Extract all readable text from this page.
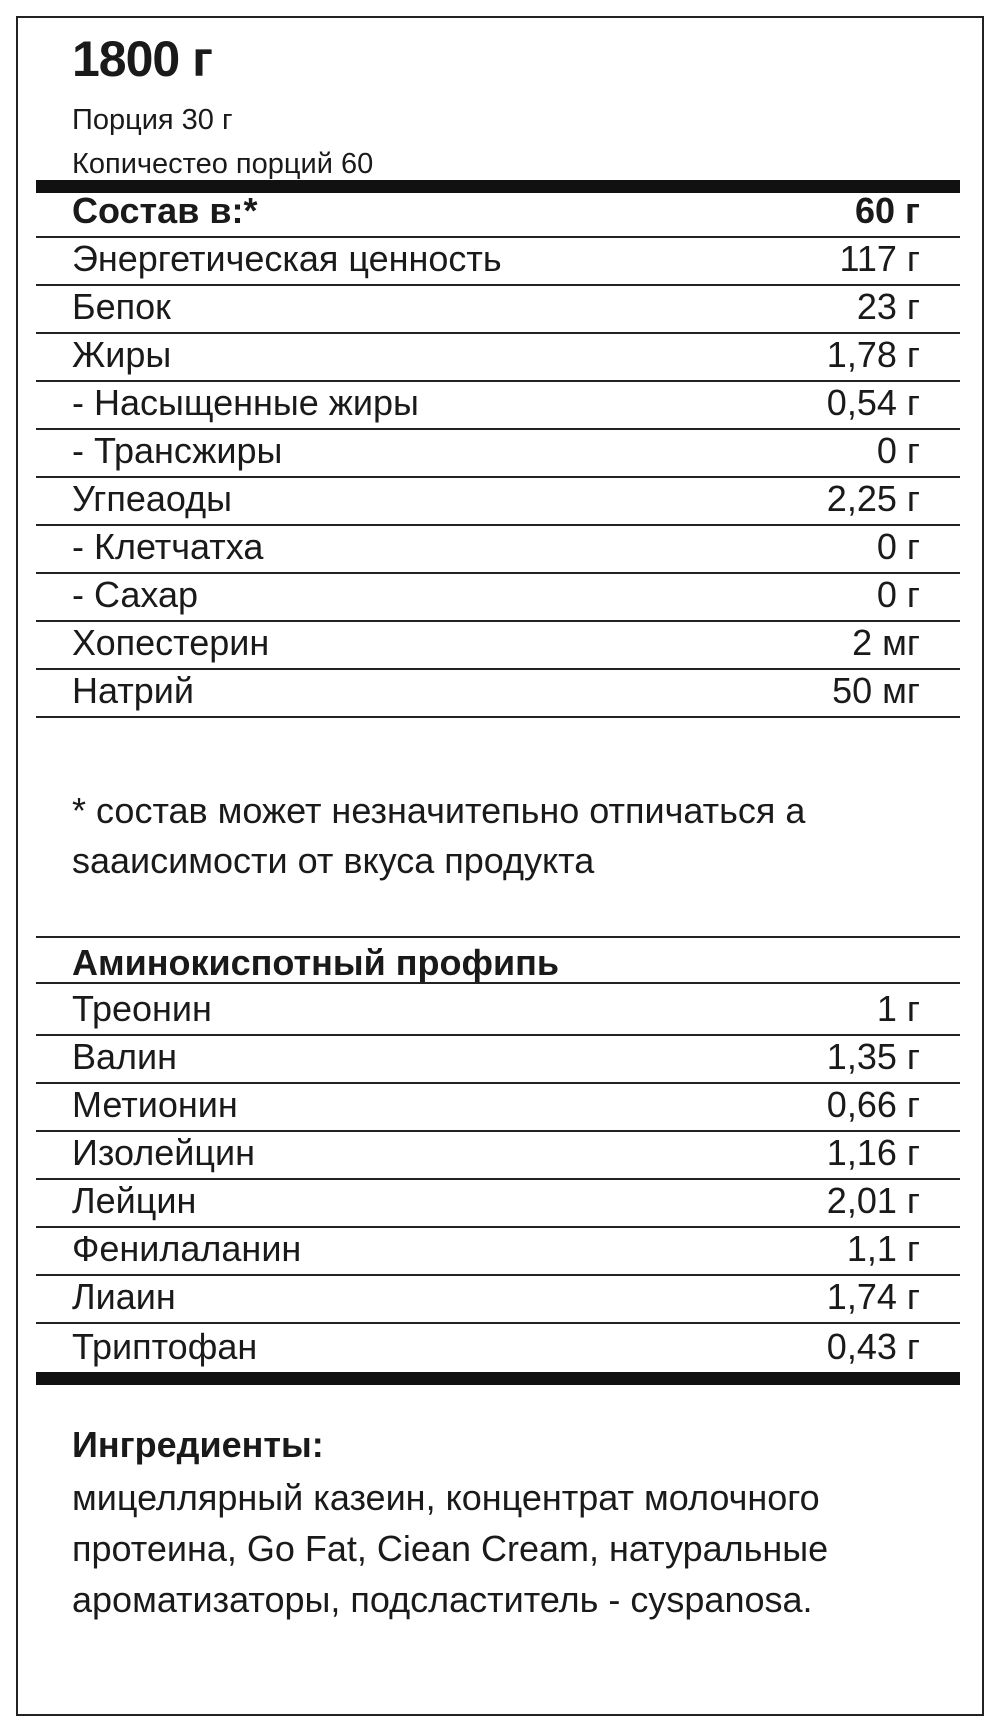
1800 г
Порция 30 г
Копичестео порций 60
Состав в:*	60 г
Энергетическая ценность	117 г
Бепок	23 г
Жиры	1,78 г
- Насыщенные жиры	0,54 г
- Трансжиры	0 г
Угпеаоды	2,25 г
- Клетчатха	0 г
- Сахар	0 г
Хопестерин	2 мг
Натрий	50 мг
* состав может незначитепьно отпичаться а sааисимости от вкуса продукта
Аминокиспотный профипь
Треонин	1 г
Валин	1,35 г
Метионин	0,66 г
Изолейцин	1,16 г
Лейцин	2,01 г
Фенилаланин	1,1 г
Лиаин	1,74 г
Триптофан	0,43 г
Ингредиенты:
мицеллярный казеин, концентрат молочного протеина, Go Fat, Ciean Cream, натуральные ароматизаторы, подсластитель - сyspanosa.
